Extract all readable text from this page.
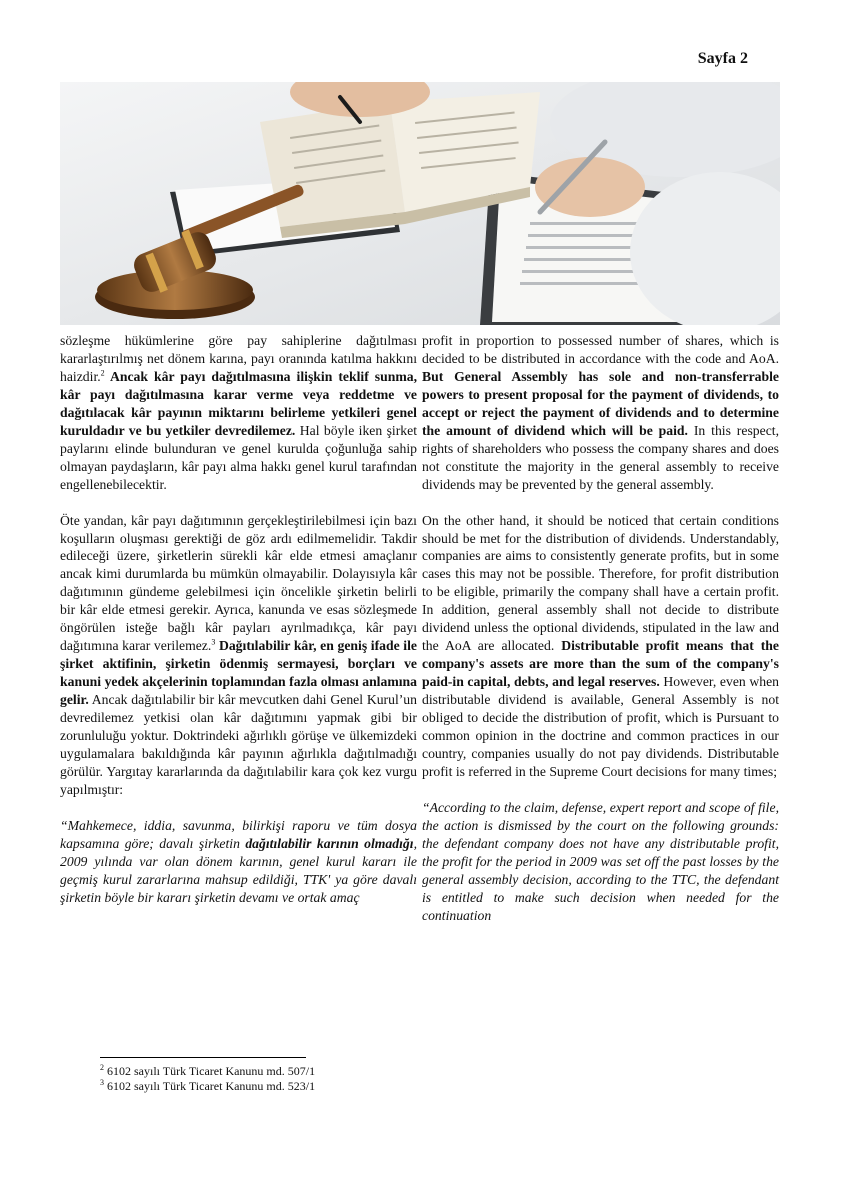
Sayfa 2

sözleşme hükümlerine göre pay sahiplerine dağıtılması kararlaştırılmış net dönem karına, payı oranında katılma hakkını haizdir.$^2$ Ancak kâr payı dağıtılmasına ilişkin teklif sunma, kâr payı dağıtılmasına karar verme veya reddetme ve dağıtılacak kâr payının miktarını belirleme yetkileri genel kuruldadır ve bu yetkiler devredilemez. Hal böyle iken şirket paylarını elinde bulunduran ve genel kurulda çoğunluğa sahip olmayan paydaşların, kâr payı alma hakkı genel kurul tarafından engellenebilecektir.

Öte yandan, kâr payı dağıtımının gerçekleştirilebilmesi için bazı koşulların oluşması gerektiği de göz ardı edilmemelidir. Takdir edileceği üzere, şirketlerin sürekli kâr elde etmesi amaçlanır ancak kimi durumlarda bu mümkün olmayabilir. Dolayısıyla kâr dağıtımının gündeme gelebilmesi için öncelikle şirketin belirli bir kâr elde etmesi gerekir. Ayrıca, kanunda ve esas sözleşmede öngörülen isteğe bağlı kâr payları ayrılmadıkça, kâr payı dağıtımına karar verilemez.$^3$ Dağıtılabilir kâr, en geniş ifade ile şirket aktifinin, şirketin ödenmiş sermayesi, borçları ve kanuni yedek akçelerinin toplamından fazla olması anlamına gelir. Ancak dağıtılabilir bir kâr mevcutken dahi Genel Kurul’un devredilemez yetkisi olan kâr dağıtımını yapmak gibi bir zorunluluğu yoktur. Doktrindeki ağırlıklı görüşe ve ülkemizdeki uygulamalara bakıldığında kâr payının ağırlıkla dağıtılmadığı görülür. Yargıtay kararlarında da dağıtılabilir kara çok kez vurgu yapılmıştır:

“Mahkemece, iddia, savunma, bilirkişi raporu ve tüm dosya kapsamına göre; davalı şirketin dağıtılabilir karının olmadığı, 2009 yılında var olan dönem karının, genel kurul kararı ile geçmiş kurul zararlarına mahsup edildiği, TTK' ya göre davalı şirketin böyle bir kararı şirketin devamı ve ortak amaç

profit in proportion to possessed number of shares, which is decided to be distributed in accordance with the code and AoA. But General Assembly has sole and non-transferrable powers to present proposal for the payment of dividends, to accept or reject the payment of dividends and to determine the amount of dividend which will be paid. In this respect, rights of shareholders who possess the company shares and does not constitute the majority in the general assembly to receive dividends may be prevented by the general assembly.

On the other hand, it should be noticed that certain conditions should be met for the distribution of dividends. Understandably, companies are aims to consistently generate profits, but in some cases this may not be possible. Therefore, for profit distribution to be eligible, primarily the company shall have a certain profit. In addition, general assembly shall not decide to distribute dividend unless the optional dividends, stipulated in the law and the AoA are allocated. Distributable profit means that the company's assets are more than the sum of the company's paid-in capital, debts, and legal reserves. However, even when distributable dividend is available, General Assembly is not obliged to decide the distribution of profit, which is Pursuant to common opinion in the doctrine and common practices in our country, companies usually do not pay dividends. Distributable profit is referred in the Supreme Court decisions for many times;

“According to the claim, defense, expert report and scope of file, the action is dismissed by the court on the following grounds: the defendant company does not have any distributable profit, the profit for the period in 2009 was set off the past losses by the general assembly decision, according to the TTC, the defendant is entitled to make such decision when needed for the continuation

$^2$ 6102 sayılı Türk Ticaret Kanunu md. 507/1
$^3$ 6102 sayılı Türk Ticaret Kanunu md. 523/1
